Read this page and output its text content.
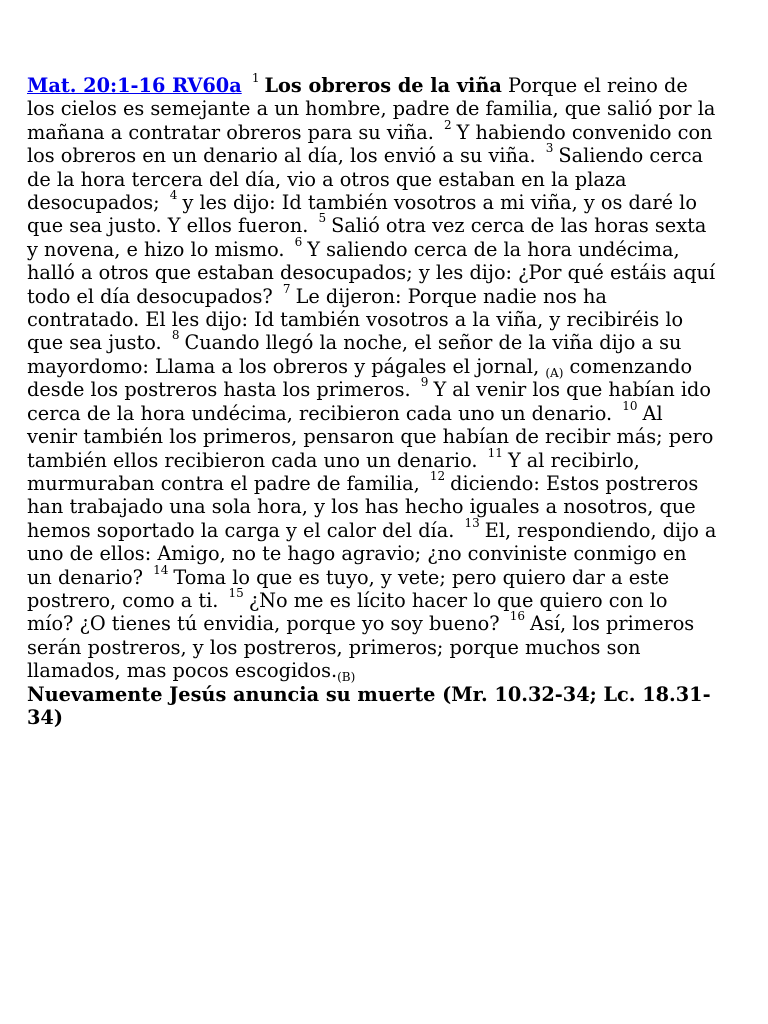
Mat. 20:1-16 RV60a $^1$ Los obreros de la viña Porque el reino de los cielos es semejante a un hombre, padre de familia, que salió por la mañana a contratar obreros para su viña. $^2$ Y habiendo convenido con los obreros en un denario al día, los envió a su viña. $^3$ Saliendo cerca de la hora tercera del día, vio a otros que estaban en la plaza desocupados; $^4$ y les dijo: Id también vosotros a mi viña, y os daré lo que sea justo. Y ellos fueron. $^5$ Salió otra vez cerca de las horas sexta y novena, e hizo lo mismo. $^6$ Y saliendo cerca de la hora undécima, halló a otros que estaban desocupados; y les dijo: ¿Por qué estáis aquí todo el día desocupados? $^7$ Le dijeron: Porque nadie nos ha contratado. El les dijo: Id también vosotros a la viña, y recibiréis lo que sea justo. $^8$ Cuando llegó la noche, el señor de la viña dijo a su mayordomo: Llama a los obreros y págales el jornal, $_{(A)}$ comenzando desde los postreros hasta los primeros. $^9$ Y al venir los que habían ido cerca de la hora undécima, recibieron cada uno un denario. $^{10}$ Al venir también los primeros, pensaron que habían de recibir más; pero también ellos recibieron cada uno un denario. $^{11}$ Y al recibirlo, murmuraban contra el padre de familia, $^{12}$ diciendo: Estos postreros han trabajado una sola hora, y los has hecho iguales a nosotros, que hemos soportado la carga y el calor del día. $^{13}$ El, respondiendo, dijo a uno de ellos: Amigo, no te hago agravio; ¿no conviniste conmigo en un denario? $^{14}$ Toma lo que es tuyo, y vete; pero quiero dar a este postrero, como a ti. $^{15}$ ¿No me es lícito hacer lo que quiero con lo mío? ¿O tienes tú envidia, porque yo soy bueno? $^{16}$ Así, los primeros serán postreros, y los postreros, primeros; porque muchos son llamados, mas pocos $escogidos._{(B)}$
Nuevamente Jesús anuncia su muerte (Mr. 10.32-34; Lc. 18.31-34)
